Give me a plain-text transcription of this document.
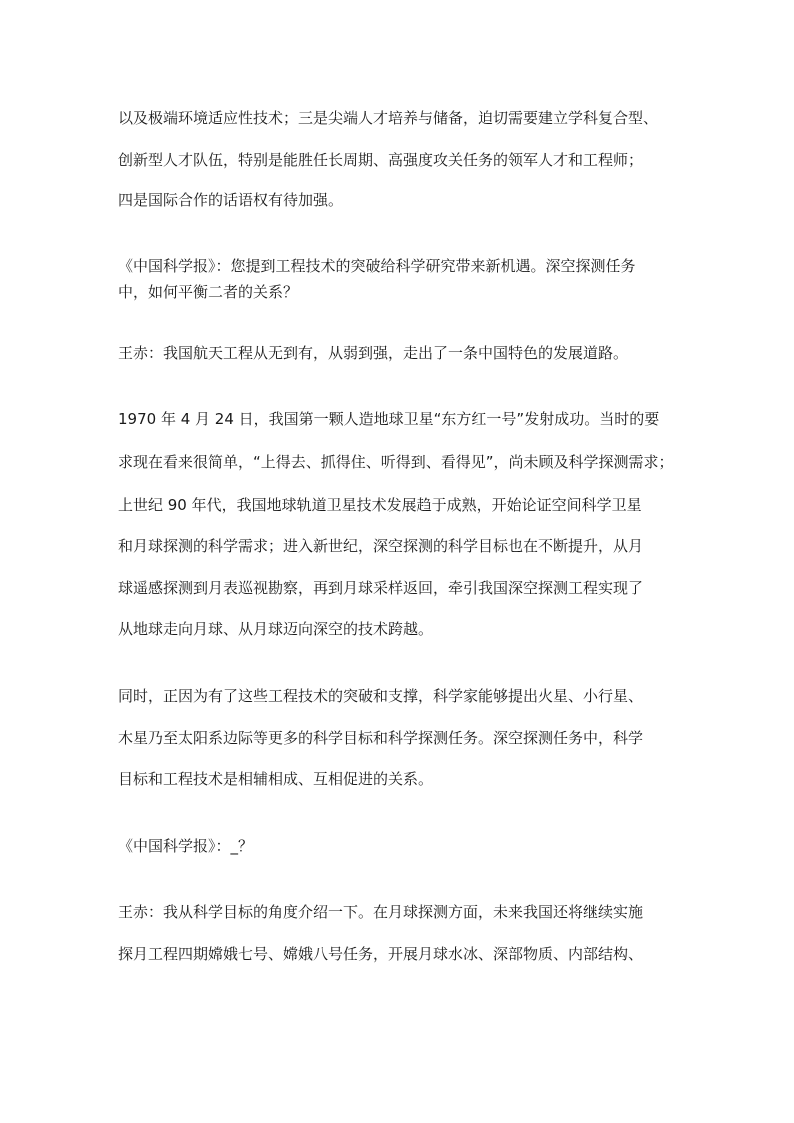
以及极端环境适应性技术；三是尖端人才培养与储备，迫切需要建立学科复合型、
创新型人才队伍，特别是能胜任长周期、高强度攻关任务的领军人才和工程师；
四是国际合作的话语权有待加强。
《中国科学报》：您提到工程技术的突破给科学研究带来新机遇。深空探测任务
中，如何平衡二者的关系？
王赤：我国航天工程从无到有，从弱到强，走出了一条中国特色的发展道路。
1970 年 4 月 24 日，我国第一颗人造地球卫星“东方红一号”发射成功。当时的要
求现在看来很简单，“上得去、抓得住、听得到、看得见”，尚未顾及科学探测需求；
上世纪 90 年代，我国地球轨道卫星技术发展趋于成熟，开始论证空间科学卫星
和月球探测的科学需求；进入新世纪，深空探测的科学目标也在不断提升，从月
球遥感探测到月表巡视勘察，再到月球采样返回，牵引我国深空探测工程实现了
从地球走向月球、从月球迈向深空的技术跨越。
同时，正因为有了这些工程技术的突破和支撑，科学家能够提出火星、小行星、
木星乃至太阳系边际等更多的科学目标和科学探测任务。深空探测任务中，科学
目标和工程技术是相辅相成、互相促进的关系。
《中国科学报》：_？
王赤：我从科学目标的角度介绍一下。在月球探测方面，未来我国还将继续实施
探月工程四期嫦娥七号、嫦娥八号任务，开展月球水冰、深部物质、内部结构、
